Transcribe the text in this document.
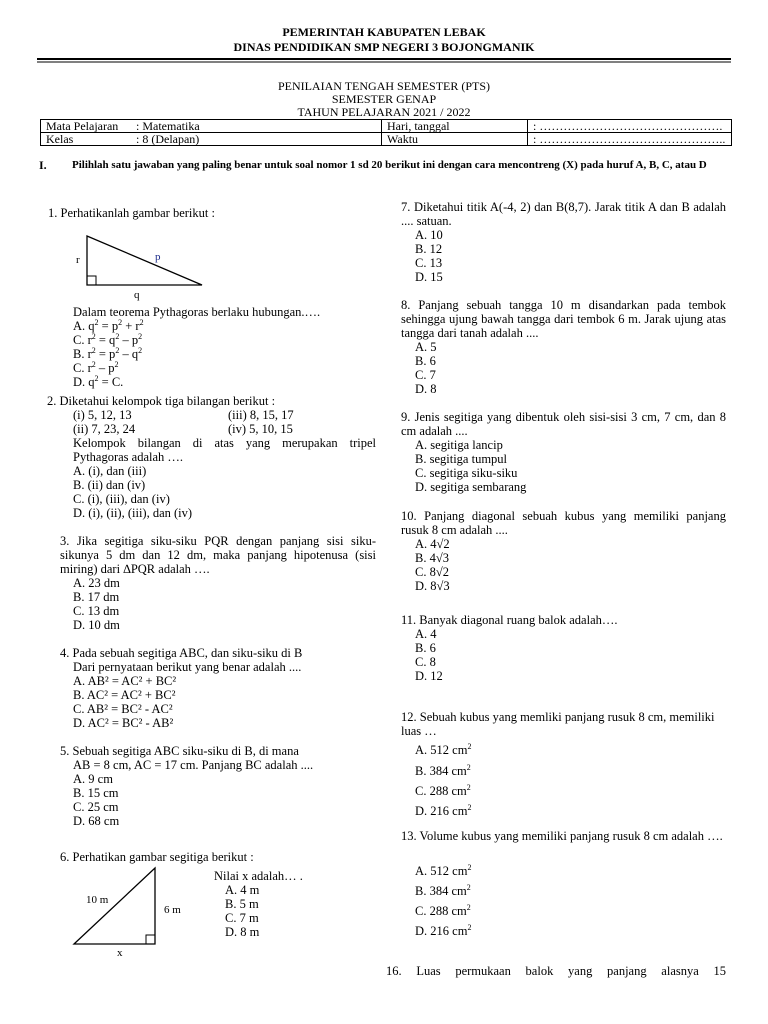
PEMERINTAH KABUPATEN LEBAK
DINAS PENDIDIKAN SMP NEGERI 3 BOJONGMANIK
PENILAIAN TENGAH SEMESTER (PTS)
SEMESTER GENAP
TAHUN PELAJARAN 2021 / 2022
Mata Pelajaran	: Matematika	Hari, tanggal	: ……………………………………….
Kelas	: 8 (Delapan)	Waktu	: ………………………………………..
I. Pilihlah satu jawaban yang paling benar untuk soal nomor 1 sd 20 berikut ini dengan cara mencontreng (X) pada huruf A, B, C, atau D
1. Perhatikanlah gambar berikut :
r	p
q
Dalam teorema Pythagoras berlaku hubungan.….
A. $q^2 = p^2 + r^2$
C. $r^2 = q^2 - p^2$
B. $r^2 = p^2 - q^2$
C. $r^2 - p^2$
D. $q^2 = C$.
2. Diketahui kelompok tiga bilangan berikut :
(i) 5, 12, 13	(iii) 8, 15, 17
(ii) 7, 23, 24	(iv) 5, 10, 15
Kelompok bilangan di atas yang merupakan tripel Pythagoras adalah ….
A. (i), dan (iii)
B. (ii) dan (iv)
C. (i), (iii), dan (iv)
D. (i), (ii), (iii), dan (iv)
3. Jika segitiga siku-siku PQR dengan panjang sisi siku-sikunya 5 dm dan 12 dm, maka panjang hipotenusa (sisi miring) dari ∆PQR adalah ….
A. 23 dm
B. 17 dm
C. 13 dm
D. 10 dm
4. Pada sebuah segitiga ABC, dan siku-siku di B
Dari pernyataan berikut yang benar adalah ....
A. AB² = AC² + BC²
B. AC² = AC² + BC²
C. AB² = BC² - AC²
D. AC² = BC² - AB²
5. Sebuah segitiga ABC siku-siku di B, di mana
AB = 8 cm, AC = 17 cm. Panjang BC adalah ....
A. 9 cm
B. 15 cm
C. 25 cm
D. 68 cm
6. Perhatikan gambar segitiga berikut :
10 m
6 m
x
Nilai x adalah… .
A. 4 m
B. 5 m
C. 7 m
D. 8 m
7. Diketahui titik A(-4, 2) dan B(8,7). Jarak titik A dan B adalah .... satuan.
A. 10
B. 12
C. 13
D. 15
8. Panjang sebuah tangga 10 m disandarkan pada tembok sehingga ujung bawah tangga dari tembok 6 m. Jarak ujung atas tangga dari tanah adalah ....
A. 5
B. 6
C. 7
D. 8
9. Jenis segitiga yang dibentuk oleh sisi-sisi 3 cm, 7 cm, dan 8 cm adalah ....
A. segitiga lancip
B. segitiga tumpul
C. segitiga siku-siku
D. segitiga sembarang
10. Panjang diagonal sebuah kubus yang memiliki panjang rusuk 8 cm adalah ....
A. 4√2
B. 4√3
C. 8√2
D. 8√3
11. Banyak diagonal ruang balok adalah….
A. 4
B. 6
C. 8
D. 12
12. Sebuah kubus yang memliki panjang rusuk 8 cm, memiliki luas …
A. 512 $cm^2$
B. 384 $cm^2$
C. 288 $cm^2$
D. 216 $cm^2$
13. Volume kubus yang memiliki panjang rusuk 8 cm adalah ….
A. 512 $cm^2$
B. 384 $cm^2$
C. 288 $cm^2$
D. 216 $cm^2$
16. Luas permukaan balok yang panjang alasnya 15
